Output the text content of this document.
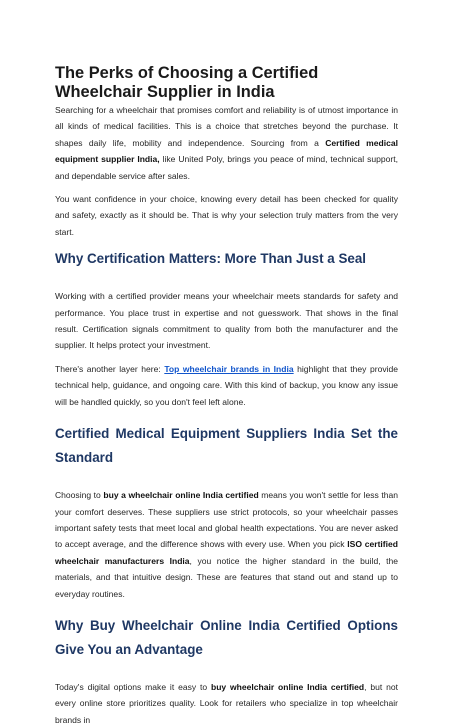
The Perks of Choosing a Certified Wheelchair Supplier in India

Searching for a wheelchair that promises comfort and reliability is of utmost importance in all kinds of medical facilities. This is a choice that stretches beyond the purchase. It shapes daily life, mobility and independence. Sourcing from a Certified medical equipment supplier India, like United Poly, brings you peace of mind, technical support, and dependable service after sales.

You want confidence in your choice, knowing every detail has been checked for quality and safety, exactly as it should be. That is why your selection truly matters from the very start.

Why Certification Matters: More Than Just a Seal

Working with a certified provider means your wheelchair meets standards for safety and performance. You place trust in expertise and not guesswork. That shows in the final result. Certification signals commitment to quality from both the manufacturer and the supplier. It helps protect your investment.

There's another layer here: Top wheelchair brands in India highlight that they provide technical help, guidance, and ongoing care. With this kind of backup, you know any issue will be handled quickly, so you don't feel left alone.

Certified Medical Equipment Suppliers India Set the Standard

Choosing to buy a wheelchair online India certified means you won't settle for less than your comfort deserves. These suppliers use strict protocols, so your wheelchair passes important safety tests that meet local and global health expectations. You are never asked to accept average, and the difference shows with every use. When you pick ISO certified wheelchair manufacturers India, you notice the higher standard in the build, the materials, and that intuitive design. These are features that stand out and stand up to everyday routines.

Why Buy Wheelchair Online India Certified Options Give You an Advantage

Today's digital options make it easy to buy wheelchair online India certified, but not every online store prioritizes quality. Look for retailers who specialize in top wheelchair brands in
